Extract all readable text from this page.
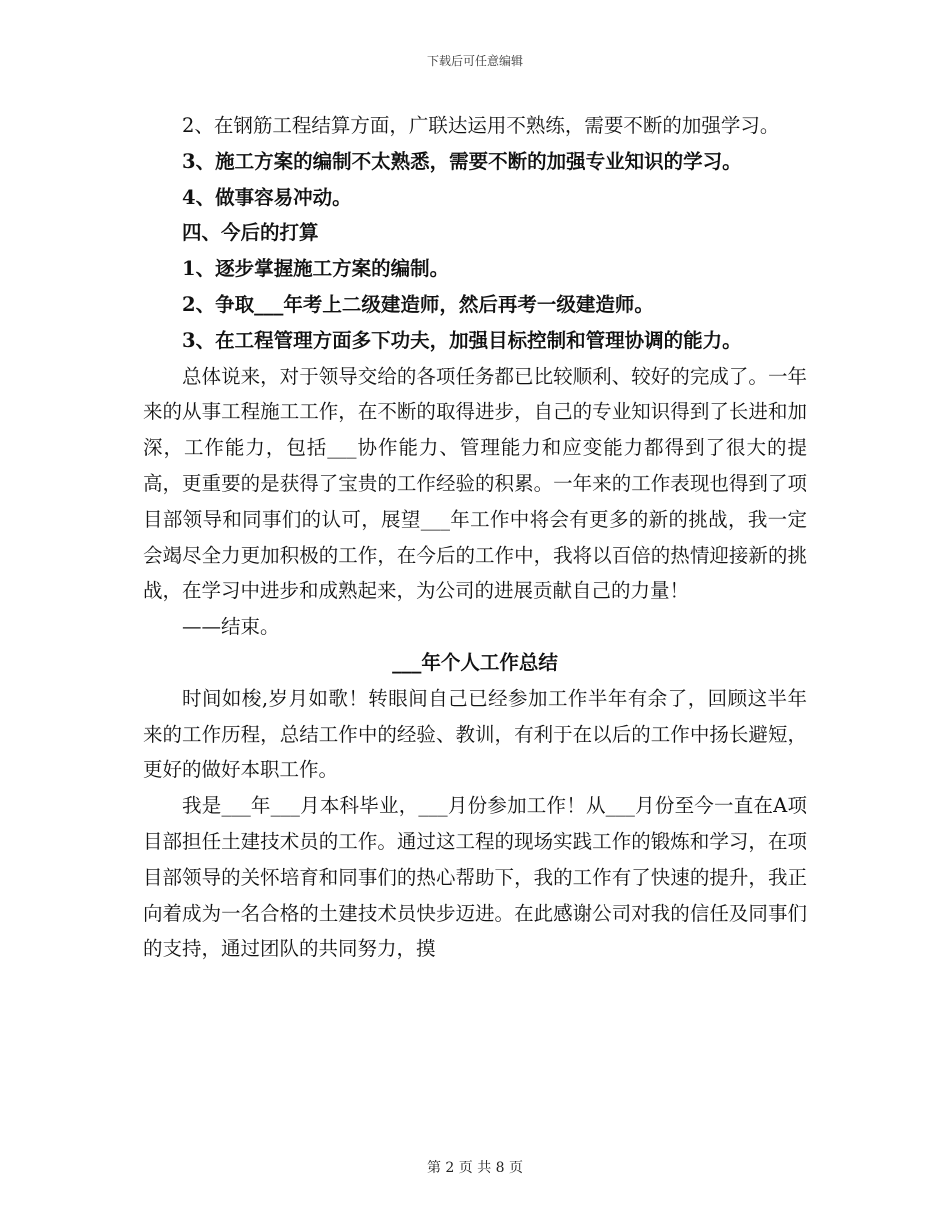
下载后可任意编辑

2、在钢筋工程结算方面，广联达运用不熟练，需要不断的加强学习。

3、施工方案的编制不太熟悉，需要不断的加强专业知识的学习。

4、做事容易冲动。

四、今后的打算

1、逐步掌握施工方案的编制。

2、争取___年考上二级建造师，然后再考一级建造师。

3、在工程管理方面多下功夫，加强目标控制和管理协调的能力。

总体说来，对于领导交给的各项任务都已比较顺利、较好的完成了。一年来的从事工程施工工作，在不断的取得进步，自己的专业知识得到了长进和加深，工作能力，包括___协作能力、管理能力和应变能力都得到了很大的提高，更重要的是获得了宝贵的工作经验的积累。一年来的工作表现也得到了项目部领导和同事们的认可，展望___年工作中将会有更多的新的挑战，我一定会竭尽全力更加积极的工作，在今后的工作中，我将以百倍的热情迎接新的挑战，在学习中进步和成熟起来，为公司的进展贡献自己的力量！

——结束。

___年个人工作总结

时间如梭,岁月如歌！转眼间自己已经参加工作半年有余了，回顾这半年来的工作历程，总结工作中的经验、教训，有利于在以后的工作中扬长避短，更好的做好本职工作。

我是___年___月本科毕业，___月份参加工作！从___月份至今一直在A项目部担任土建技术员的工作。通过这工程的现场实践工作的锻炼和学习，在项目部领导的关怀培育和同事们的热心帮助下，我的工作有了快速的提升，我正向着成为一名合格的土建技术员快步迈进。在此感谢公司对我的信任及同事们的支持，通过团队的共同努力，摸

第 2 页 共 8 页
